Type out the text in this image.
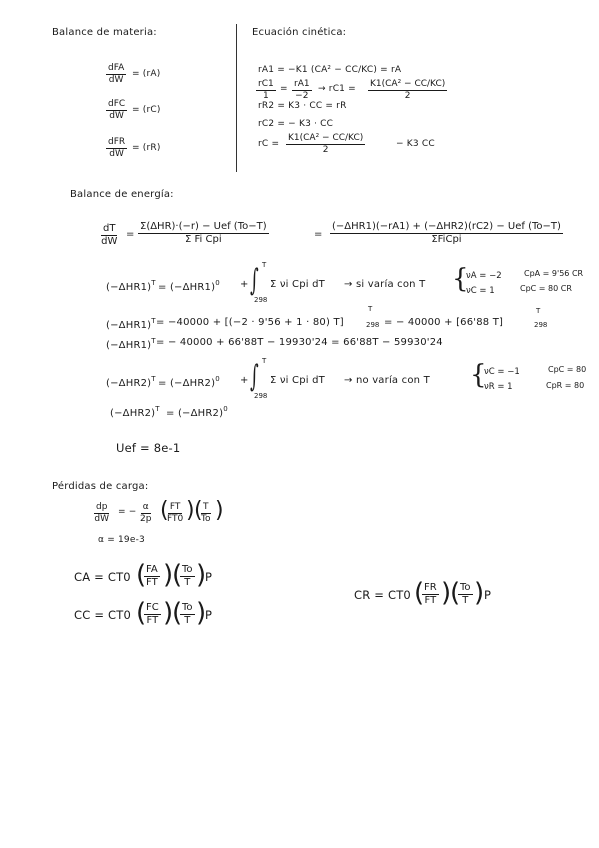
Balance de materia:
dFA
dW
= (rA)
dFC
dW
= (rC)
dFR
dW
= (rR)
Ecuación cinética:
rA1 = −K1 (CA² − CC/KC) = rA
$\frac{rC1}{1} = \frac{rA1}{-2} \to rC1 = \frac{\text{K1(CA² − CC/KC)}}{2}$
rR2 = K3 · CC = rR
rC2 = − K3 · CC
rC = $\frac{\text{K1(CA² − CC/KC)}}{2}$	− K3 CC
Balance de energía:
$\frac{dT}{dW}$ =
Σ(ΔHR)·(−r) − Uef (To−T)
Σ Fi Cpi	=
(−ΔHR1)(−rA1) + (−ΔHR2)(rC2) − Uef (To−T)
ΣFiCpi
$(-\Delta HR1)^T = (-\Delta HR1)^0$ + ∫ T
298
Σ νi Cpi dT → si varía con T {
νA = −2	CpA = 9'56 CR
νC = 1	CpC = 80 CR
$(-\Delta HR1)^T = -40000 + [(-2 \cdot 9'56 + 1 \cdot 80)$ T]
T
298 = − 40000 + [66'88 T]
T
298
$(-\Delta HR1)^T$ = − 40000 + 66'88T − 19930'24 = 66'88T − 59930'24
$(-\Delta HR2)^T = (-\Delta HR2)^0$ + ∫ T
298
Σ νi Cpi dT → no varía con T {
νC = −1	CpC = 80
νR = 1	CpR = 80
$(-\Delta HR2)^T = (-\Delta HR2)^0$
Uef = 8e-1
Pérdidas de carga:
$\frac{dp}{dW}$ = − $\frac{\alpha}{2p}$ (
$\frac{FT}{FT0}$ ) (
$\frac{T}{To}$ )
α = 19e-3
CA = CT0 (
$\frac{FA}{FT}$ )
(
$\frac{To}{T}$ )
P
CC = CT0 (
$\frac{FC}{FT}$ )
(
$\frac{To}{T}$ )
P
CR = CT0 (
$\frac{FR}{FT}$ )
(
$\frac{To}{T}$ ) P
